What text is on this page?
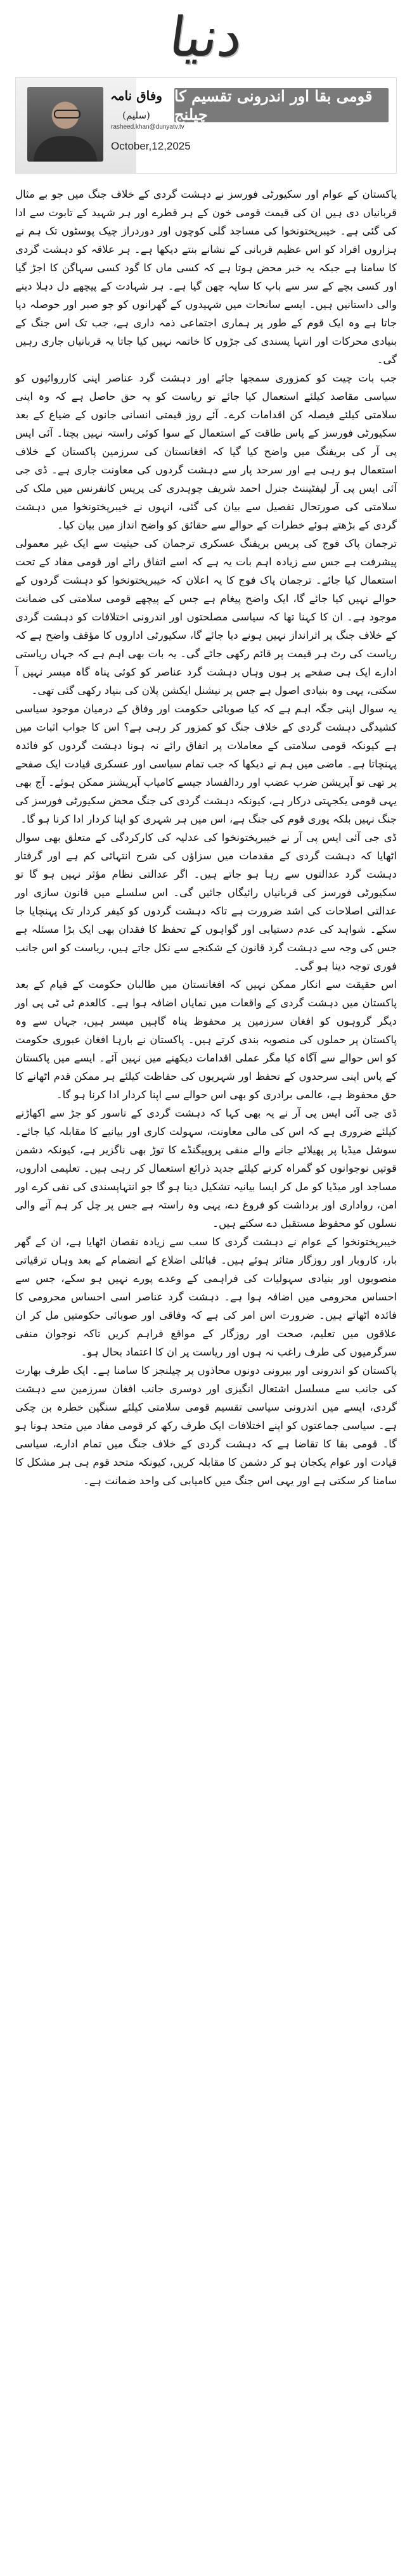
دنیا
وفاق نامہ
(سلیم)
rasheed.khan@dunyatv.tv
قومی بقا اور اندرونی تقسیم کا چیلنج
October,12,2025

پاکستان کے عوام اور سکیورٹی فورسز نے دہشت گردی کے خلاف جنگ میں جو بے مثال قربانیاں دی ہیں ان کی قیمت قومی خون کے ہر قطرے اور ہر شہید کے تابوت سے ادا کی گئی ہے۔ خیبرپختونخوا کی مساجد گلی کوچوں اور دوردراز چیک پوسٹوں تک ہم نے ہزاروں افراد کو اس عظیم قربانی کے نشانے بنتے دیکھا ہے۔ ہر علاقہ کو دہشت گردی کا سامنا ہے جبکہ یہ خبر محض ہوتا ہے کہ کسی ماں کا گود کسی سہاگن کا اجڑ گیا اور کسی بچے کے سر سے باپ کا سایہ چھن گیا ہے۔ ہر شہادت کے پیچھے دل دہلا دینے والی داستانیں ہیں۔ ایسے سانحات میں شہیدوں کے گھرانوں کو جو صبر اور حوصلہ دیا جاتا ہے وہ ایک قوم کے طور پر ہماری اجتماعی ذمہ داری ہے، جب تک اس جنگ کے بنیادی محرکات اور انتہا پسندی کی جڑوں کا خاتمہ نہیں کیا جاتا یہ قربانیاں جاری رہیں گی۔

جب بات چیت کو کمزوری سمجھا جائے اور دہشت گرد عناصر اپنی کارروائیوں کو سیاسی مقاصد کیلئے استعمال کیا جائے تو ریاست کو یہ حق حاصل ہے کہ وہ اپنی سلامتی کیلئے فیصلہ کن اقدامات کرے۔ آئے روز قیمتی انسانی جانوں کے ضیاع کے بعد سکیورٹی فورسز کے پاس طاقت کے استعمال کے سوا کوئی راستہ نہیں بچتا۔ آئی ایس پی آر کی بریفنگ میں واضح کیا گیا کہ افغانستان کی سرزمین پاکستان کے خلاف استعمال ہو رہی ہے اور سرحد پار سے دہشت گردوں کی معاونت جاری ہے۔ ڈی جی آئی ایس پی آر لیفٹیننٹ جنرل احمد شریف چوہدری کی پریس کانفرنس میں ملک کی سلامتی کی صورتحال تفصیل سے بیان کی گئی، انہوں نے خیبرپختونخوا میں دہشت گردی کے بڑھتے ہوئے خطرات کے حوالے سے حقائق کو واضح انداز میں بیان کیا۔

ترجمان پاک فوج کی پریس بریفنگ عسکری ترجمان کی حیثیت سے ایک غیر معمولی پیشرفت ہے جس سے زیادہ اہم بات یہ ہے کہ اسے اتفاق رائے اور قومی مفاد کے تحت استعمال کیا جائے۔ ترجمان پاک فوج کا یہ اعلان کہ خیبرپختونخوا کو دہشت گردوں کے حوالے نہیں کیا جائے گا، ایک واضح پیغام ہے جس کے پیچھے قومی سلامتی کی ضمانت موجود ہے۔ ان کا کہنا تھا کہ سیاسی مصلحتوں اور اندرونی اختلافات کو دہشت گردی کے خلاف جنگ پر اثرانداز نہیں ہونے دیا جائے گا، سکیورٹی اداروں کا مؤقف واضح ہے کہ ریاست کی رٹ ہر قیمت پر قائم رکھی جائے گی۔ یہ بات بھی اہم ہے کہ جہاں ریاستی ادارے ایک ہی صفحے پر ہوں وہاں دہشت گرد عناصر کو کوئی پناہ گاہ میسر نہیں آ سکتی، یہی وہ بنیادی اصول ہے جس پر نیشنل ایکشن پلان کی بنیاد رکھی گئی تھی۔

یہ سوال اپنی جگہ اہم ہے کہ کیا صوبائی حکومت اور وفاق کے درمیان موجود سیاسی کشیدگی دہشت گردی کے خلاف جنگ کو کمزور کر رہی ہے؟ اس کا جواب اثبات میں ہے کیونکہ قومی سلامتی کے معاملات پر اتفاق رائے نہ ہونا دہشت گردوں کو فائدہ پہنچاتا ہے۔ ماضی میں ہم نے دیکھا کہ جب تمام سیاسی اور عسکری قیادت ایک صفحے پر تھی تو آپریشن ضرب عضب اور ردالفساد جیسے کامیاب آپریشنز ممکن ہوئے۔ آج بھی یہی قومی یکجہتی درکار ہے، کیونکہ دہشت گردی کی جنگ محض سکیورٹی فورسز کی جنگ نہیں بلکہ پوری قوم کی جنگ ہے، اس میں ہر شہری کو اپنا کردار ادا کرنا ہو گا۔

ڈی جی آئی ایس پی آر نے خیبرپختونخوا کی عدلیہ کی کارکردگی کے متعلق بھی سوال اٹھایا کہ دہشت گردی کے مقدمات میں سزاؤں کی شرح انتہائی کم ہے اور گرفتار دہشت گرد عدالتوں سے رہا ہو جاتے ہیں۔ اگر عدالتی نظام مؤثر نہیں ہو گا تو سکیورٹی فورسز کی قربانیاں رائیگاں جائیں گی۔ اس سلسلے میں قانون سازی اور عدالتی اصلاحات کی اشد ضرورت ہے تاکہ دہشت گردوں کو کیفر کردار تک پہنچایا جا سکے۔ شواہد کی عدم دستیابی اور گواہوں کے تحفظ کا فقدان بھی ایک بڑا مسئلہ ہے جس کی وجہ سے دہشت گرد قانون کے شکنجے سے نکل جاتے ہیں، ریاست کو اس جانب فوری توجہ دینا ہو گی۔

اس حقیقت سے انکار ممکن نہیں کہ افغانستان میں طالبان حکومت کے قیام کے بعد پاکستان میں دہشت گردی کے واقعات میں نمایاں اضافہ ہوا ہے۔ کالعدم ٹی ٹی پی اور دیگر گروہوں کو افغان سرزمین پر محفوظ پناہ گاہیں میسر ہیں، جہاں سے وہ پاکستان پر حملوں کی منصوبہ بندی کرتے ہیں۔ پاکستان نے بارہا افغان عبوری حکومت کو اس حوالے سے آگاہ کیا مگر عملی اقدامات دیکھنے میں نہیں آئے۔ ایسے میں پاکستان کے پاس اپنی سرحدوں کے تحفظ اور شہریوں کی حفاظت کیلئے ہر ممکن قدم اٹھانے کا حق محفوظ ہے، عالمی برادری کو بھی اس حوالے سے اپنا کردار ادا کرنا ہو گا۔

ڈی جی آئی ایس پی آر نے یہ بھی کہا کہ دہشت گردی کے ناسور کو جڑ سے اکھاڑنے کیلئے ضروری ہے کہ اس کی مالی معاونت، سہولت کاری اور بیانیے کا مقابلہ کیا جائے۔ سوشل میڈیا پر پھیلائے جانے والے منفی پروپیگنڈے کا توڑ بھی ناگزیر ہے، کیونکہ دشمن قوتیں نوجوانوں کو گمراہ کرنے کیلئے جدید ذرائع استعمال کر رہی ہیں۔ تعلیمی اداروں، مساجد اور میڈیا کو مل کر ایسا بیانیہ تشکیل دینا ہو گا جو انتہاپسندی کی نفی کرے اور امن، رواداری اور برداشت کو فروغ دے، یہی وہ راستہ ہے جس پر چل کر ہم آنے والی نسلوں کو محفوظ مستقبل دے سکتے ہیں۔

خیبرپختونخوا کے عوام نے دہشت گردی کا سب سے زیادہ نقصان اٹھایا ہے، ان کے گھر بار، کاروبار اور روزگار متاثر ہوئے ہیں۔ قبائلی اضلاع کے انضمام کے بعد وہاں ترقیاتی منصوبوں اور بنیادی سہولیات کی فراہمی کے وعدے پورے نہیں ہو سکے، جس سے احساس محرومی میں اضافہ ہوا ہے۔ دہشت گرد عناصر اسی احساس محرومی کا فائدہ اٹھاتے ہیں۔ ضرورت اس امر کی ہے کہ وفاقی اور صوبائی حکومتیں مل کر ان علاقوں میں تعلیم، صحت اور روزگار کے مواقع فراہم کریں تاکہ نوجوان منفی سرگرمیوں کی طرف راغب نہ ہوں اور ریاست پر ان کا اعتماد بحال ہو۔

پاکستان کو اندرونی اور بیرونی دونوں محاذوں پر چیلنجز کا سامنا ہے۔ ایک طرف بھارت کی جانب سے مسلسل اشتعال انگیزی اور دوسری جانب افغان سرزمین سے دہشت گردی، ایسے میں اندرونی سیاسی تقسیم قومی سلامتی کیلئے سنگین خطرہ بن چکی ہے۔ سیاسی جماعتوں کو اپنے اختلافات ایک طرف رکھ کر قومی مفاد میں متحد ہونا ہو گا۔ قومی بقا کا تقاضا ہے کہ دہشت گردی کے خلاف جنگ میں تمام ادارے، سیاسی قیادت اور عوام یکجان ہو کر دشمن کا مقابلہ کریں، کیونکہ متحد قوم ہی ہر مشکل کا سامنا کر سکتی ہے اور یہی اس جنگ میں کامیابی کی واحد ضمانت ہے۔
